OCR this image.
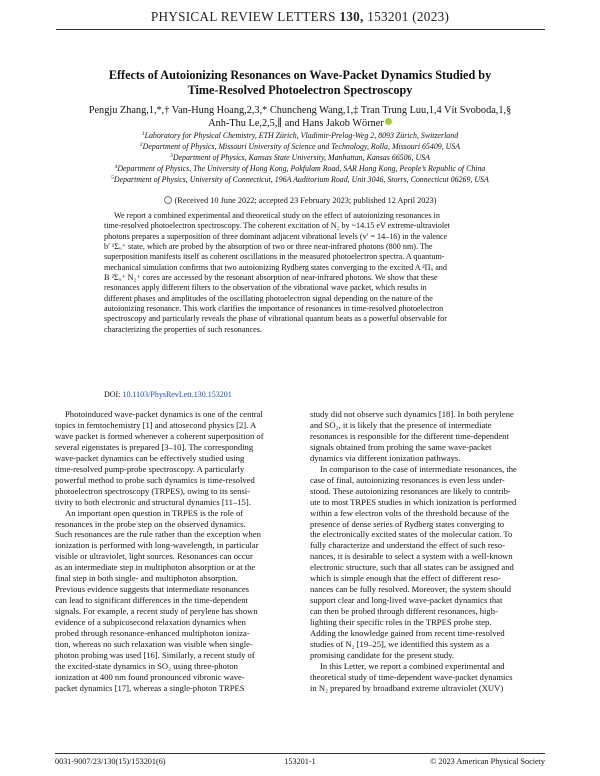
PHYSICAL REVIEW LETTERS 130, 153201 (2023)
Effects of Autoionizing Resonances on Wave-Packet Dynamics Studied by
Time-Resolved Photoelectron Spectroscopy
Pengju Zhang,1,*,† Van-Hung Hoang,2,3,* Chuncheng Wang,1,‡ Tran Trung Luu,1,4 Vít Svoboda,1,§
Anh-Thu Le,2,5,∥ and Hans Jakob Wörner
$^1$Laboratory for Physical Chemistry, ETH Zürich, Vladimir-Prelog-Weg 2, 8093 Zürich, Switzerland
$^2$Department of Physics, Missouri University of Science and Technology, Rolla, Missouri 65409, USA
$^3$Department of Physics, Kansas State University, Manhattan, Kansas 66506, USA
$^4$Department of Physics, The University of Hong Kong, Pokfulam Road, SAR Hong Kong, People’s Republic of China
$^5$Department of Physics, University of Connecticut, 196A Auditorium Road, Unit 3046, Storrs, Connecticut 06269, USA
(Received 10 June 2022; accepted 23 February 2023; published 12 April 2023)
We report a combined experimental and theoretical study on the effect of autoionizing resonances in
time-resolved photoelectron spectroscopy. The coherent excitation of N₂ by ~14.15 eV extreme-ultraviolet
photons prepares a superposition of three dominant adjacent vibrational levels (v′ = 14–16) in the valence
b′ ¹Σᵤ⁺ state, which are probed by the absorption of two or three near-infrared photons (800 nm). The
superposition manifests itself as coherent oscillations in the measured photoelectron spectra. A quantum-
mechanical simulation confirms that two autoionizing Rydberg states converging to the excited A ²Πᵤ and
B ²Σᵤ⁺ N₂⁺ cores are accessed by the resonant absorption of near-infrared photons. We show that these
resonances apply different filters to the observation of the vibrational wave packet, which results in
different phases and amplitudes of the oscillating photoelectron signal depending on the nature of the
autoionizing resonance. This work clarifies the importance of resonances in time-resolved photoelectron
spectroscopy and particularly reveals the phase of vibrational quantum beats as a powerful observable for
characterizing the properties of such resonances.
DOI: 10.1103/PhysRevLett.130.153201
Photoinduced wave-packet dynamics is one of the central
topics in femtochemistry [1] and attosecond physics [2]. A
wave packet is formed whenever a coherent superposition of
several eigenstates is prepared [3–10]. The corresponding
wave-packet dynamics can be effectively studied using
time-resolved pump-probe spectroscopy. A particularly
powerful method to probe such dynamics is time-resolved
photoelectron spectroscopy (TRPES), owing to its sensi-
tivity to both electronic and structural dynamics [11–15].
An important open question in TRPES is the role of
resonances in the probe step on the observed dynamics.
Such resonances are the rule rather than the exception when
ionization is performed with long-wavelength, in particular
visible or ultraviolet, light sources. Resonances can occur
as an intermediate step in multiphoton absorption or at the
final step in both single- and multiphoton absorption.
Previous evidence suggests that intermediate resonances
can lead to significant differences in the time-dependent
signals. For example, a recent study of perylene has shown
evidence of a subpicosecond relaxation dynamics when
probed through resonance-enhanced multiphoton ioniza-
tion, whereas no such relaxation was visible when single-
photon probing was used [16]. Similarly, a recent study of
the excited-state dynamics in SO₂ using three-photon
ionization at 400 nm found pronounced vibronic wave-
packet dynamics [17], whereas a single-photon TRPES
study did not observe such dynamics [18]. In both perylene
and SO₂, it is likely that the presence of intermediate
resonances is responsible for the different time-dependent
signals obtained from probing the same wave-packet
dynamics via different ionization pathways.
In comparison to the case of intermediate resonances, the
case of final, autoionizing resonances is even less under-
stood. These autoionizing resonances are likely to contrib-
ute to most TRPES studies in which ionization is performed
within a few electron volts of the threshold because of the
presence of dense series of Rydberg states converging to
the electronically excited states of the molecular cation. To
fully characterize and understand the effect of such reso-
nances, it is desirable to select a system with a well-known
electronic structure, such that all states can be assigned and
which is simple enough that the effect of different reso-
nances can be fully resolved. Moreover, the system should
support clear and long-lived wave-packet dynamics that
can then be probed through different resonances, high-
lighting their specific roles in the TRPES probe step.
Adding the knowledge gained from recent time-resolved
studies of N₂ [19–25], we identified this system as a
promising candidate for the present study.
In this Letter, we report a combined experimental and
theoretical study of time-dependent wave-packet dynamics
in N₂ prepared by broadband extreme ultraviolet (XUV)
0031-9007/23/130(15)/153201(6)	153201-1	© 2023 American Physical Society
